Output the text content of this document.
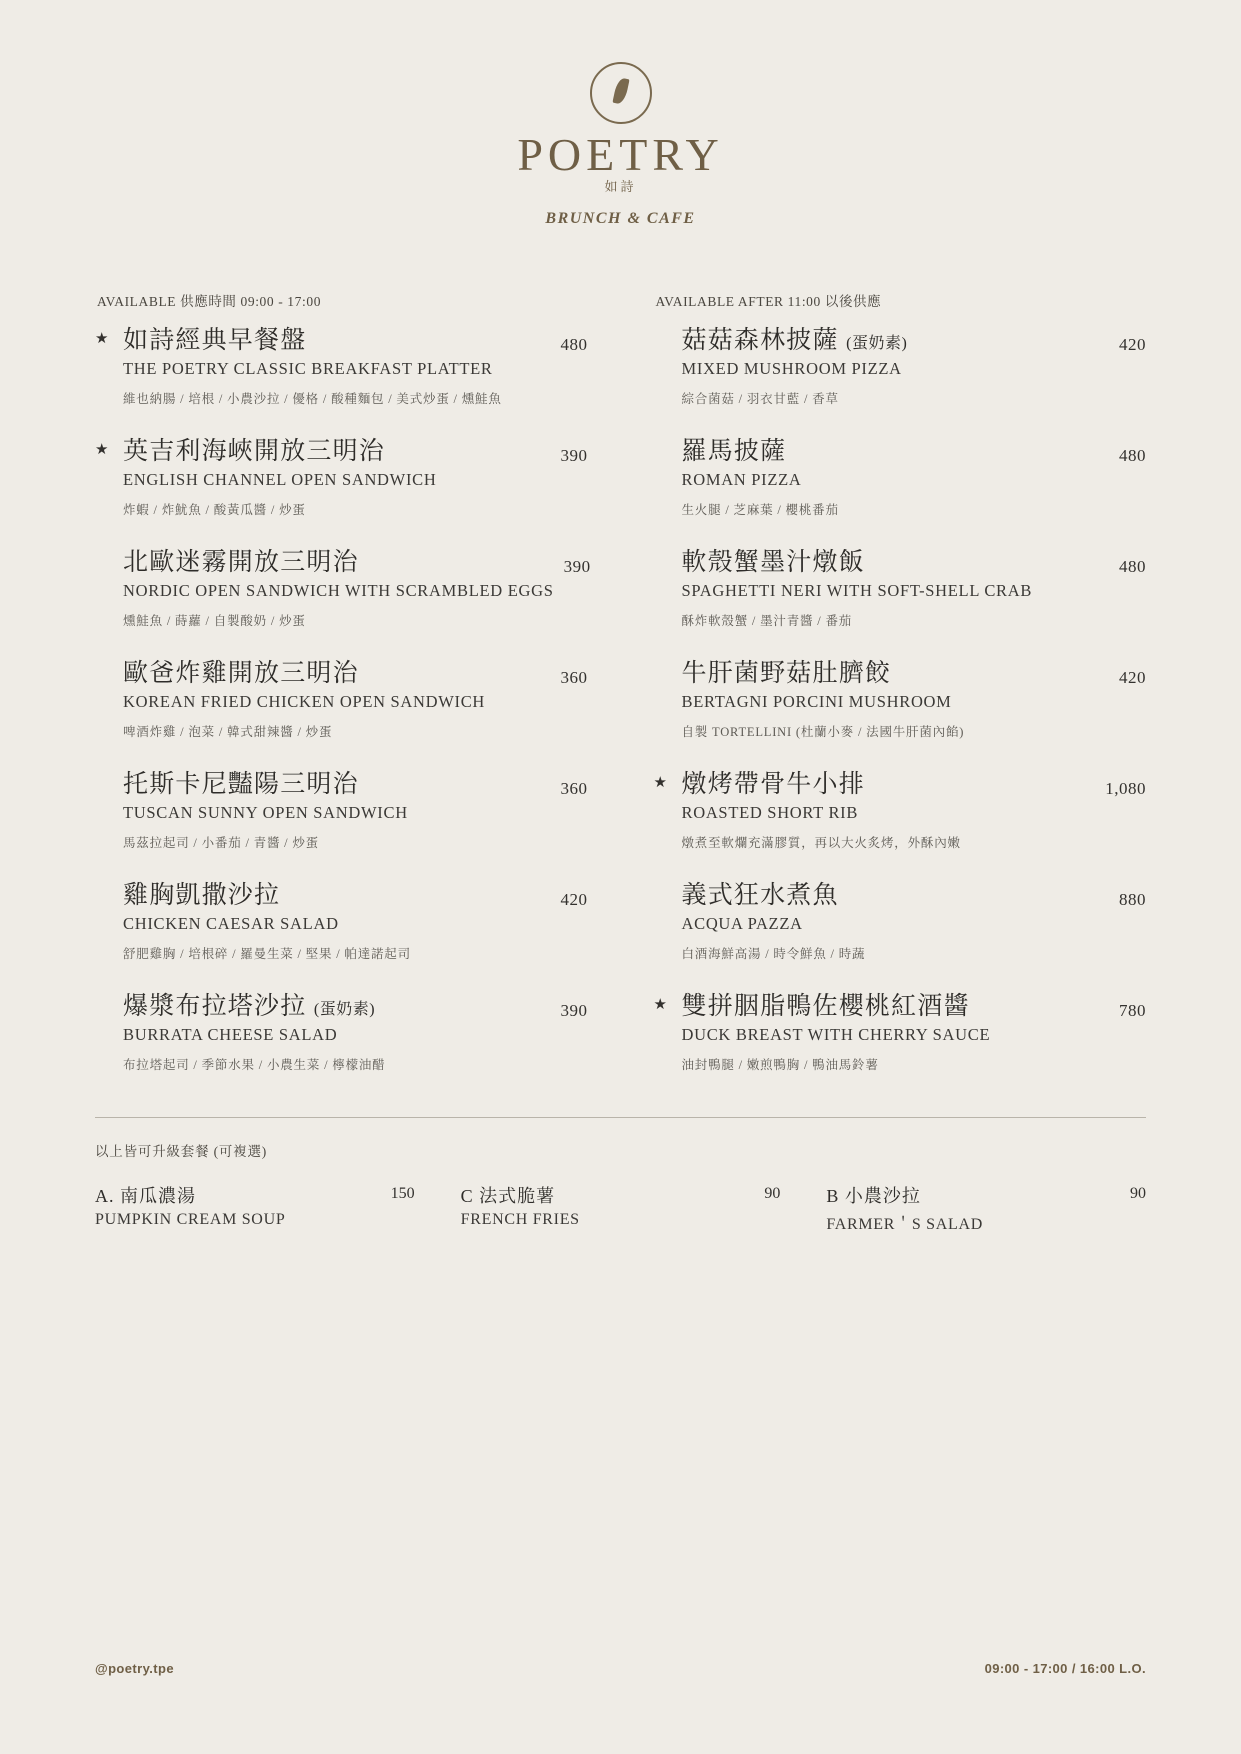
POETRY
如詩
BRUNCH & CAFE
AVAILABLE 供應時間 09:00 - 17:00
★ 如詩經典早餐盤
THE POETRY CLASSIC BREAKFAST PLATTER
480
維也納腸 / 培根 / 小農沙拉 / 優格 / 酸種麵包 / 美式炒蛋 / 燻鮭魚
★ 英吉利海峽開放三明治
ENGLISH CHANNEL OPEN SANDWICH
390
炸蝦 / 炸魷魚 / 酸黃瓜醬 / 炒蛋
北歐迷霧開放三明治
NORDIC OPEN SANDWICH WITH SCRAMBLED EGGS
390
燻鮭魚 / 蒔蘿 / 自製酸奶 / 炒蛋
歐爸炸雞開放三明治
KOREAN FRIED CHICKEN OPEN SANDWICH
360
啤酒炸雞 / 泡菜 / 韓式甜辣醬 / 炒蛋
托斯卡尼豔陽三明治
TUSCAN SUNNY OPEN SANDWICH
360
馬茲拉起司 / 小番茄 / 青醬 / 炒蛋
雞胸凱撒沙拉
CHICKEN CAESAR SALAD
420
舒肥雞胸 / 培根碎 / 羅曼生菜 / 堅果 / 帕達諾起司
爆漿布拉塔沙拉 (蛋奶素)
BURRATA CHEESE SALAD
390
布拉塔起司 / 季節水果 / 小農生菜 / 檸檬油醋
AVAILABLE AFTER 11:00 以後供應
菇菇森林披薩 (蛋奶素)
MIXED MUSHROOM PIZZA
420
綜合菌菇 / 羽衣甘藍 / 香草
羅馬披薩
ROMAN PIZZA
480
生火腿 / 芝麻葉 / 櫻桃番茄
軟殼蟹墨汁燉飯
SPAGHETTI NERI WITH SOFT-SHELL CRAB
480
酥炸軟殼蟹 / 墨汁青醬 / 番茄
牛肝菌野菇肚臍餃
BERTAGNI PORCINI MUSHROOM
420
自製 TORTELLINI (杜蘭小麥 / 法國牛肝菌內餡)
★ 燉烤帶骨牛小排
ROASTED SHORT RIB
1,080
燉煮至軟爛充滿膠質，再以大火炙烤，外酥內嫩
義式狂水煮魚
ACQUA PAZZA
880
白酒海鮮高湯 / 時令鮮魚 / 時蔬
★ 雙拼胭脂鴨佐櫻桃紅酒醬
DUCK BREAST WITH CHERRY SAUCE
780
油封鴨腿 / 嫩煎鴨胸 / 鴨油馬鈴薯
以上皆可升級套餐 (可複選)
A. 南瓜濃湯
PUMPKIN CREAM SOUP
150	C 法式脆薯
FRENCH FRIES
90	B 小農沙拉
FARMER＇S SALAD
90
@poetry.tpe	09:00 - 17:00 / 16:00 L.O.
